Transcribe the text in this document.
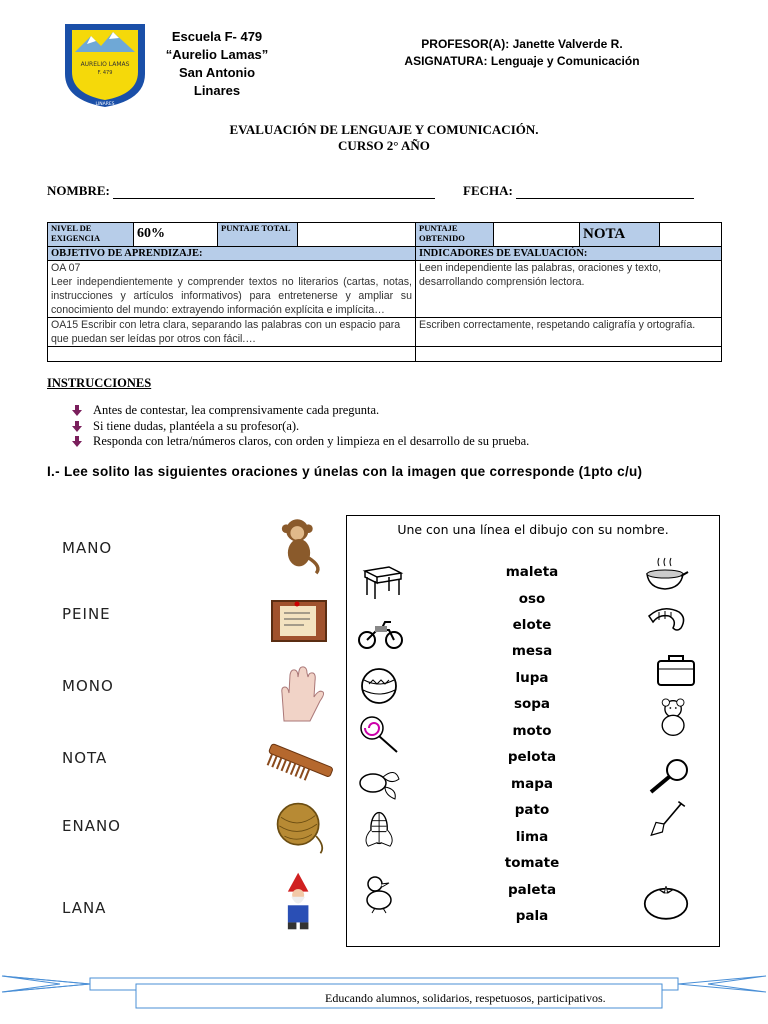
AURELIO LAMAS
F. 479
LINARES
Escuela F- 479
“Aurelio Lamas”
San Antonio
Linares
PROFESOR(A): Janette Valverde R.
ASIGNATURA: Lenguaje y Comunicación
EVALUACIÓN DE LENGUAJE Y COMUNICACIÓN.
CURSO 2° AÑO
NOMBRE:	FECHA:
NIVEL DE EXIGENCIA	60%	PUNTAJE TOTAL		PUNTAJE OBTENIDO		NOTA	
OBJETIVO DE APRENDIZAJE:				INDICADORES DE EVALUACIÓN:			

OA 07
Leer independientemente y comprender textos no literarios (cartas, notas, instrucciones y artículos informativos) para entretenerse y ampliar su conocimiento del mundo: extrayendo información explícita e implícita…				Leen independiente las palabras, oraciones y texto, desarrollando comprensión lectora.			
OA15 Escribir con letra clara, separando las palabras con un espacio para que puedan ser leídas por otros con fácil.…				Escriben correctamente, respetando caligrafía y ortografía.			

INSTRUCCIONES
Antes de contestar, lea comprensivamente cada pregunta.
Si tiene dudas, plantéela a su profesor(a).
Responda con letra/números claros, con orden y limpieza en el desarrollo de su prueba.
I.- Lee solito las siguientes oraciones y únelas con la imagen que corresponde (1pto c/u)
MANO
PEINE
MONO
NOTA
ENANO
LANA
Une con una línea el dibujo con su nombre.
maleta
oso
elote
mesa
lupa
sopa
moto
pelota
mapa
pato
lima
tomate
paleta
pala
Educando alumnos, solidarios, respetuosos, participativos.
